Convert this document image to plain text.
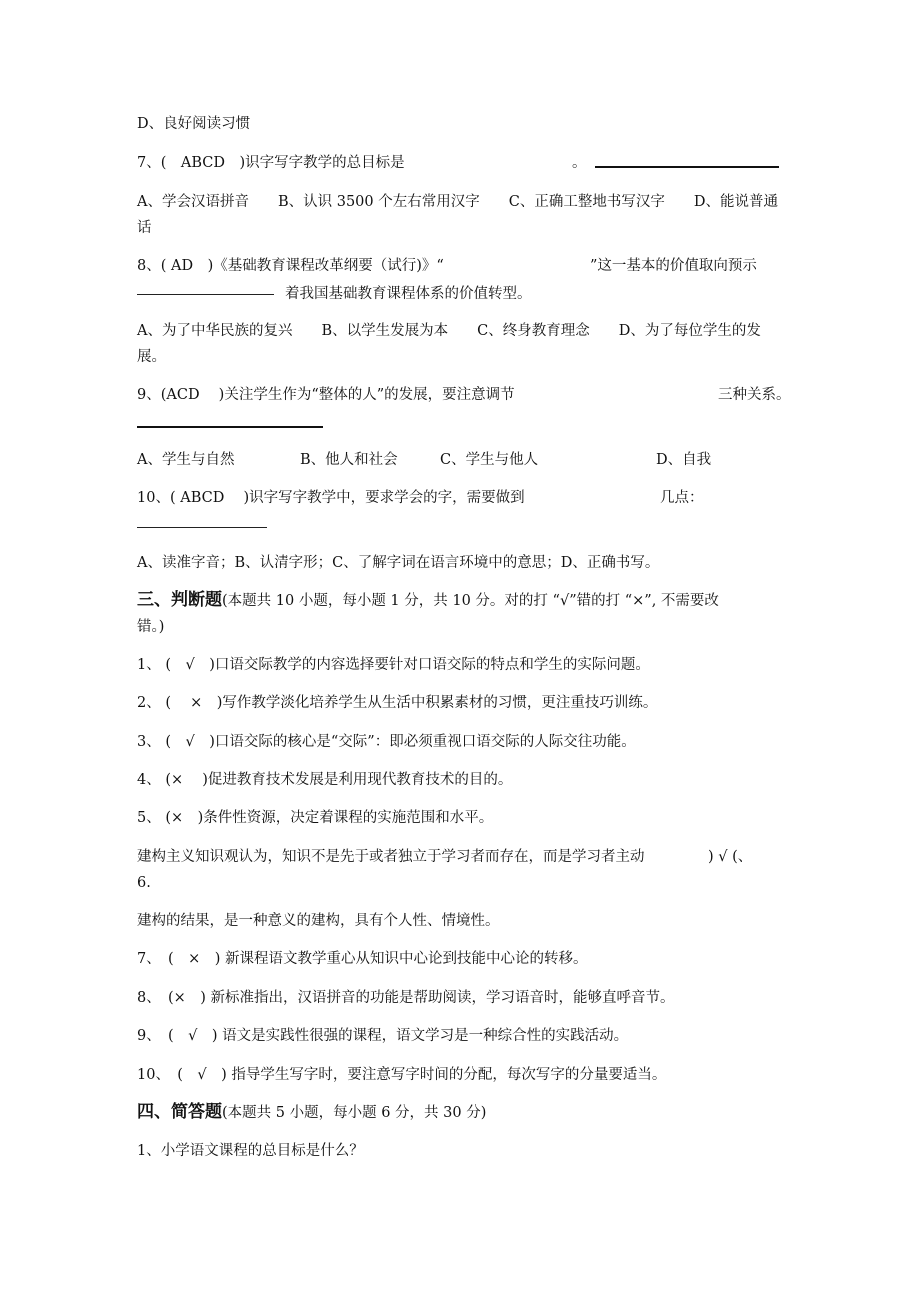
D、良好阅读习惯
7、(　ABCD　)识字写字教学的总目标是	。
A、学会汉语拼音　　B、认识 3500 个左右常用汉字　　C、正确工整地书写汉字　　D、能说普通
话
8、( AD　)《基础教育课程改革纲要（试行)》“	”这一基本的价值取向预示
着我国基础教育课程体系的价值转型。
A、为了中华民族的复兴　　B、以学生发展为本　　C、终身教育理念　　D、为了每位学生的发
展。
9、(ACD　 )关注学生作为“整体的人”的发展，要注意调节	三种关系。
A、学生与自然	B、他人和社会	C、学生与他人	D、自我
10、( ABCD　 )识字写字教学中，要求学会的字，需要做到	几点：
A、读准字音；B、认清字形；C、了解字词在语言环境中的意思；D、正确书写。
三、判断题(本题共 10 小题，每小题 1 分，共 10 分。对的打 “√”错的打 “×”, 不需要改
错。)
1、 (　√　)口语交际教学的内容选择要针对口语交际的特点和学生的实际问题。
2、 (　 ×　)写作教学淡化培养学生从生活中积累素材的习惯，更注重技巧训练。
3、 (　√　)口语交际的核心是“交际”：即必须重视口语交际的人际交往功能。
4、 (×　 )促进教育技术发展是利用现代教育技术的目的。
5、 (×　)条件性资源，决定着课程的实施范围和水平。
建构主义知识观认为，知识不是先于或者独立于学习者而存在，而是学习者主动	) √ (、
6.
建构的结果，是一种意义的建构，具有个人性、情境性。
7、　(　×　) 新课程语文教学重心从知识中心论到技能中心论的转移。
8、　(×　) 新标准指出，汉语拼音的功能是帮助阅读，学习语音时，能够直呼音节。
9、　(　√　) 语文是实践性很强的课程，语文学习是一种综合性的实践活动。
10、　(　√　) 指导学生写字时，要注意写字时间的分配，每次写字的分量要适当。
四、简答题(本题共 5 小题，每小题 6 分，共 30 分)
1、小学语文课程的总目标是什么？
